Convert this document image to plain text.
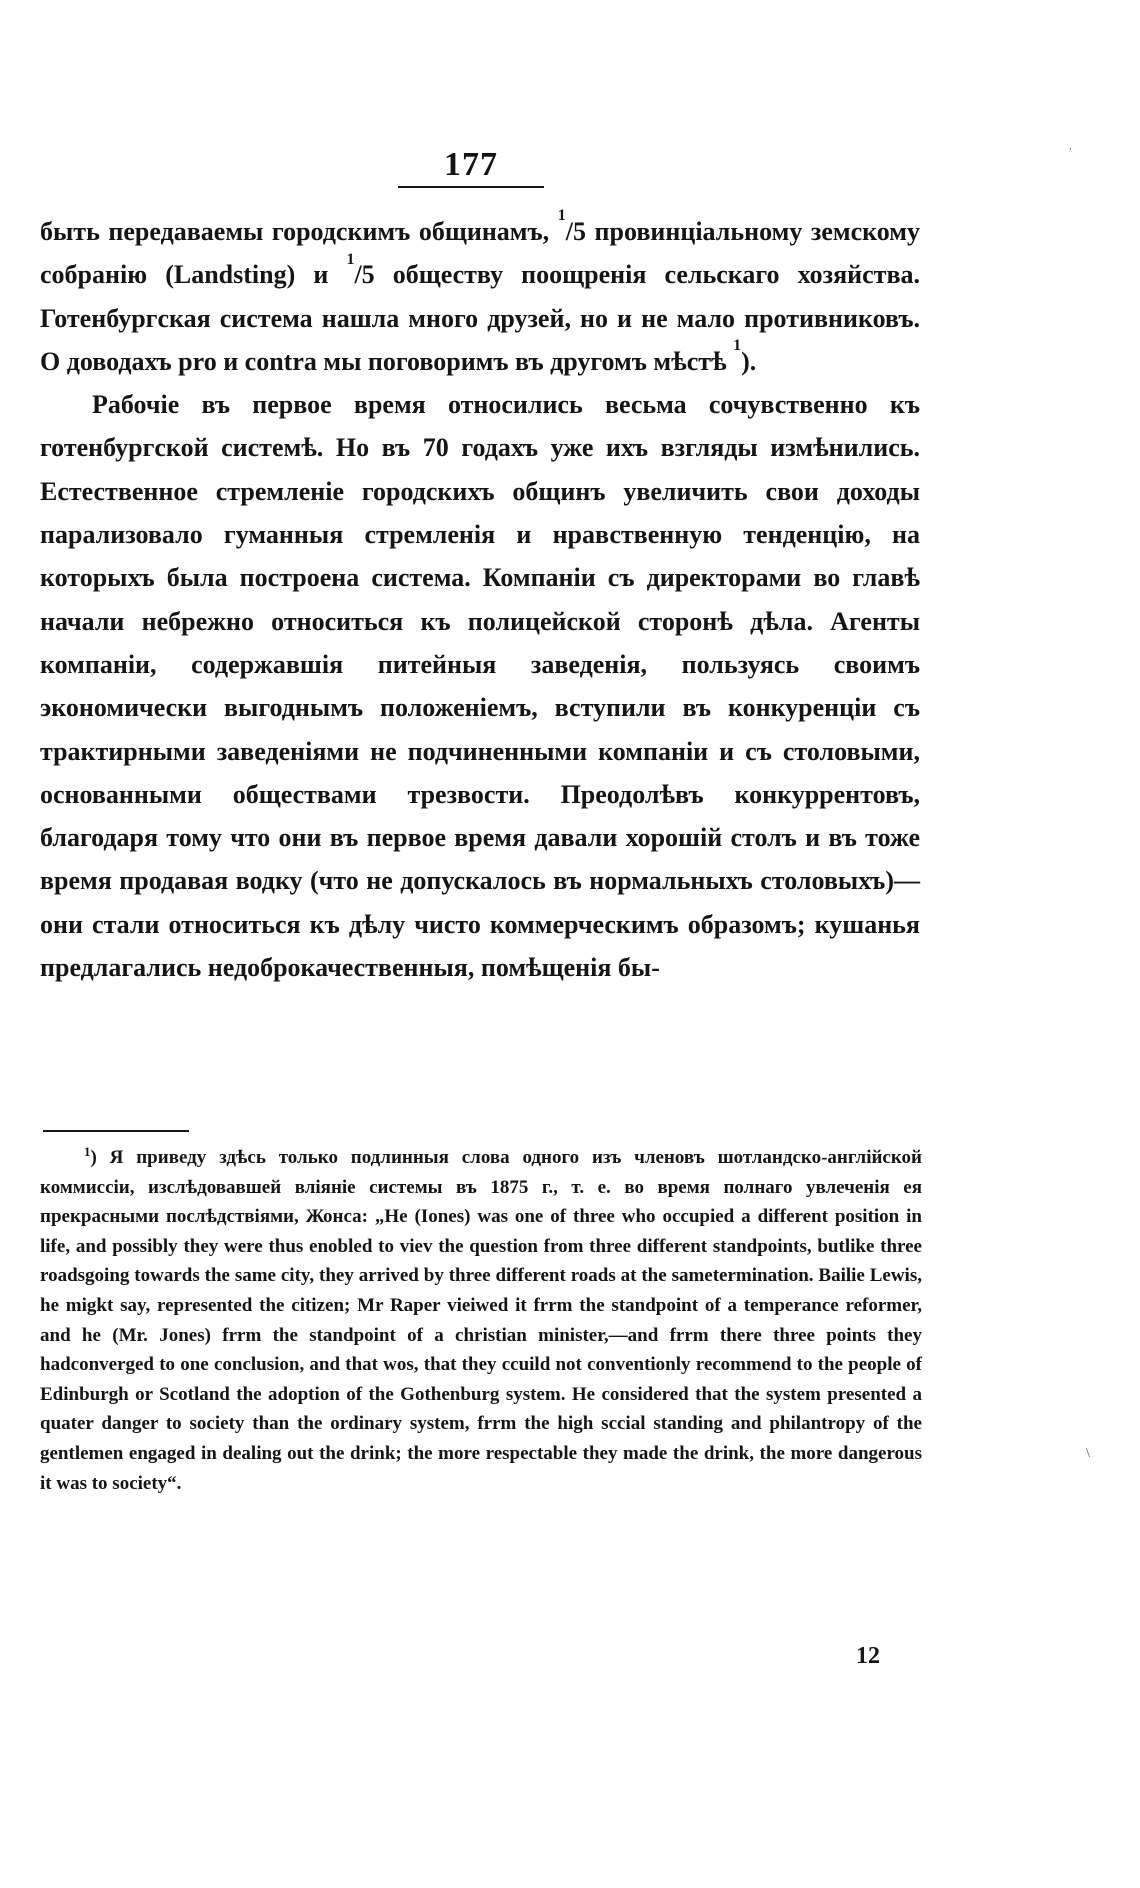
177

быть передаваемы городскимъ общинамъ, $^1$/5 провинціальному земскому собранію (Landsting) и $^1$/5 обществу поощренія сельскаго хозяйства. Готенбургская система нашла много друзей, но и не мало противниковъ. О доводахъ pro и contra мы поговоримъ въ другомъ мѣстѣ $^1$).

Рабочіе въ первое время относились весьма сочувственно къ готенбургской системѣ. Но въ 70 годахъ уже ихъ взгляды измѣнились. Естественное стремленіе городскихъ общинъ увеличить свои доходы парализовало гуманныя стремленія и нравственную тенденцію, на которыхъ была построена система. Компаніи съ директорами во главѣ начали небрежно относиться къ полицейской сторонѣ дѣла. Агенты компаніи, содержавшія питейныя заведенія, пользуясь своимъ экономически выгоднымъ положеніемъ, вступили въ конкуренціи съ трактирными заведеніями не подчиненными компаніи и съ столовыми, основанными обществами трезвости. Преодолѣвъ конкуррентовъ, благодаря тому что они въ первое время давали хорошій столъ и въ тоже время продавая водку (что не допускалось въ нормальныхъ столовыхъ)—они стали относиться къ дѣлу чисто коммерческимъ образомъ; кушанья предлагались недоброкачественныя, помѣщенія бы-

$^1$) Я приведу здѣсь только подлинныя слова одного изъ членовъ шотландско-англійской коммиссіи, изслѣдовавшей вліяніе системы въ 1875 г., т. е. во время полнаго увлеченія ея прекрасными послѣдствіями, Жонса: „He (Iones) was one of three who occupied a different position in life, and possibly they were thus enobled to viev the question from three different standpoints, butlike three roadsgoing towards the same city, they arrived by three different roads at the sametermination. Bailie Lewis, he migkt say, represented the citizen; Mr Raper vieiwed it frrm the standpoint of a temperance reformer, and he (Mr. Jones) frrm the standpoint of a christian minister,—and frrm there three points they hadconverged to one conclusion, and that wos, that they ccuild not conventionly recommend to the people of Edinburgh or Scotland the adoption of the Gothenburg system. He considered that the system presented a quater danger to society than the ordinary system, frrm the high sccial standing and philantropy of the gentlemen engaged in dealing out the drink; the more respectable they made the drink, the more dangerous it was to society“.
12
ˌ
\
